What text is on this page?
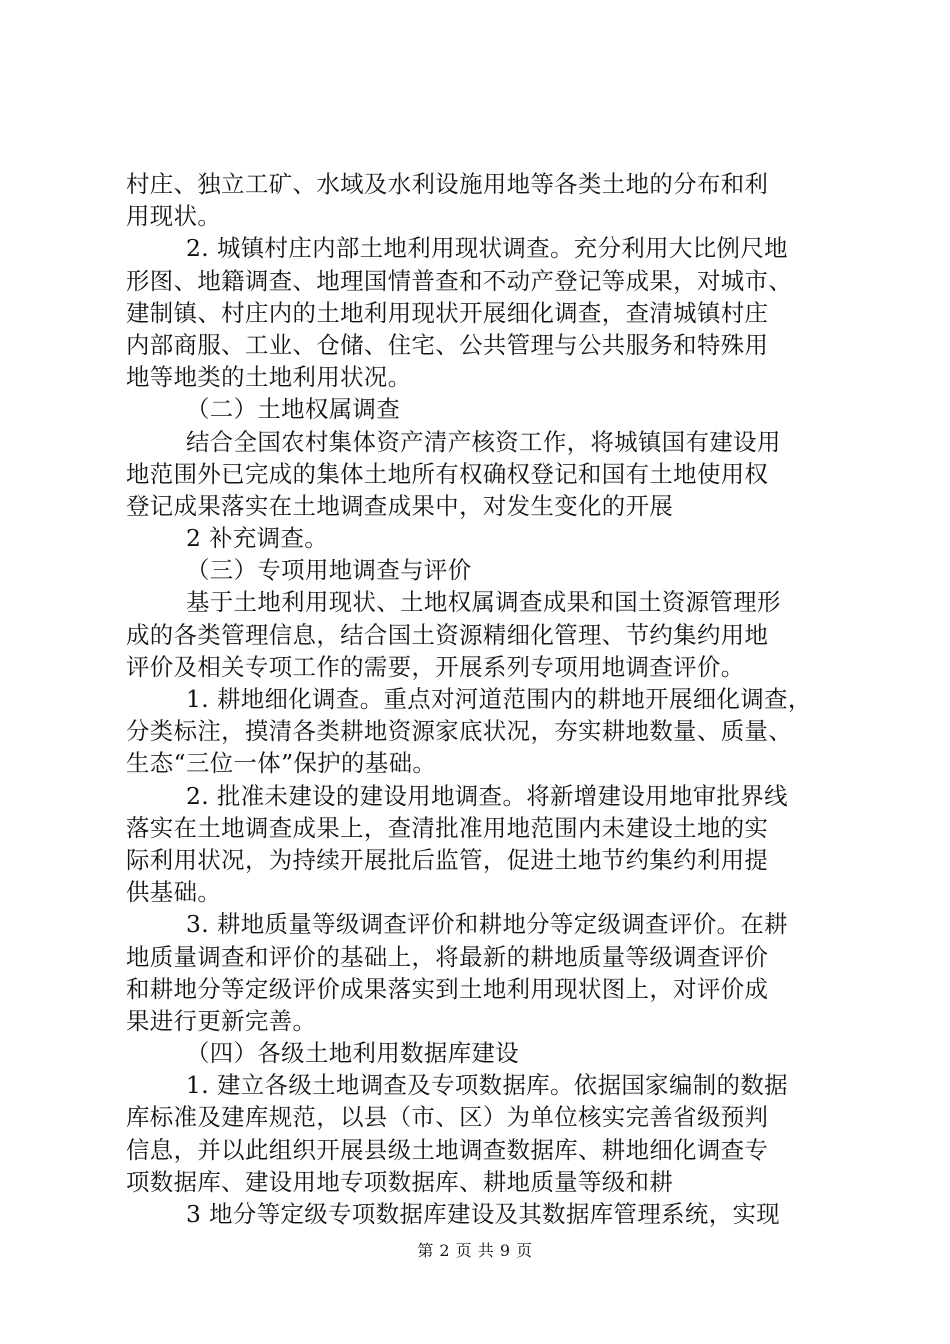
村庄、独立工矿、水域及水利设施用地等各类土地的分布和利
用现状。
2. 城镇村庄内部土地利用现状调查。充分利用大比例尺地
形图、地籍调查、地理国情普查和不动产登记等成果，对城市、
建制镇、村庄内的土地利用现状开展细化调查，查清城镇村庄
内部商服、工业、仓储、住宅、公共管理与公共服务和特殊用
地等地类的土地利用状况。
（二）土地权属调查
结合全国农村集体资产清产核资工作，将城镇国有建设用
地范围外已完成的集体土地所有权确权登记和国有土地使用权
登记成果落实在土地调查成果中，对发生变化的开展
2 补充调查。
（三）专项用地调查与评价
基于土地利用现状、土地权属调查成果和国土资源管理形
成的各类管理信息，结合国土资源精细化管理、节约集约用地
评价及相关专项工作的需要，开展系列专项用地调查评价。
1. 耕地细化调查。重点对河道范围内的耕地开展细化调查，
分类标注，摸清各类耕地资源家底状况，夯实耕地数量、质量、
生态“三位一体”保护的基础。
2. 批准未建设的建设用地调查。将新增建设用地审批界线
落实在土地调查成果上，查清批准用地范围内未建设土地的实
际利用状况，为持续开展批后监管，促进土地节约集约利用提
供基础。
3. 耕地质量等级调查评价和耕地分等定级调查评价。在耕
地质量调查和评价的基础上，将最新的耕地质量等级调查评价
和耕地分等定级评价成果落实到土地利用现状图上，对评价成
果进行更新完善。
（四）各级土地利用数据库建设
1. 建立各级土地调查及专项数据库。依据国家编制的数据
库标准及建库规范，以县（市、区）为单位核实完善省级预判
信息，并以此组织开展县级土地调查数据库、耕地细化调查专
项数据库、建设用地专项数据库、耕地质量等级和耕
3 地分等定级专项数据库建设及其数据库管理系统，实现
第 2 页 共 9 页
